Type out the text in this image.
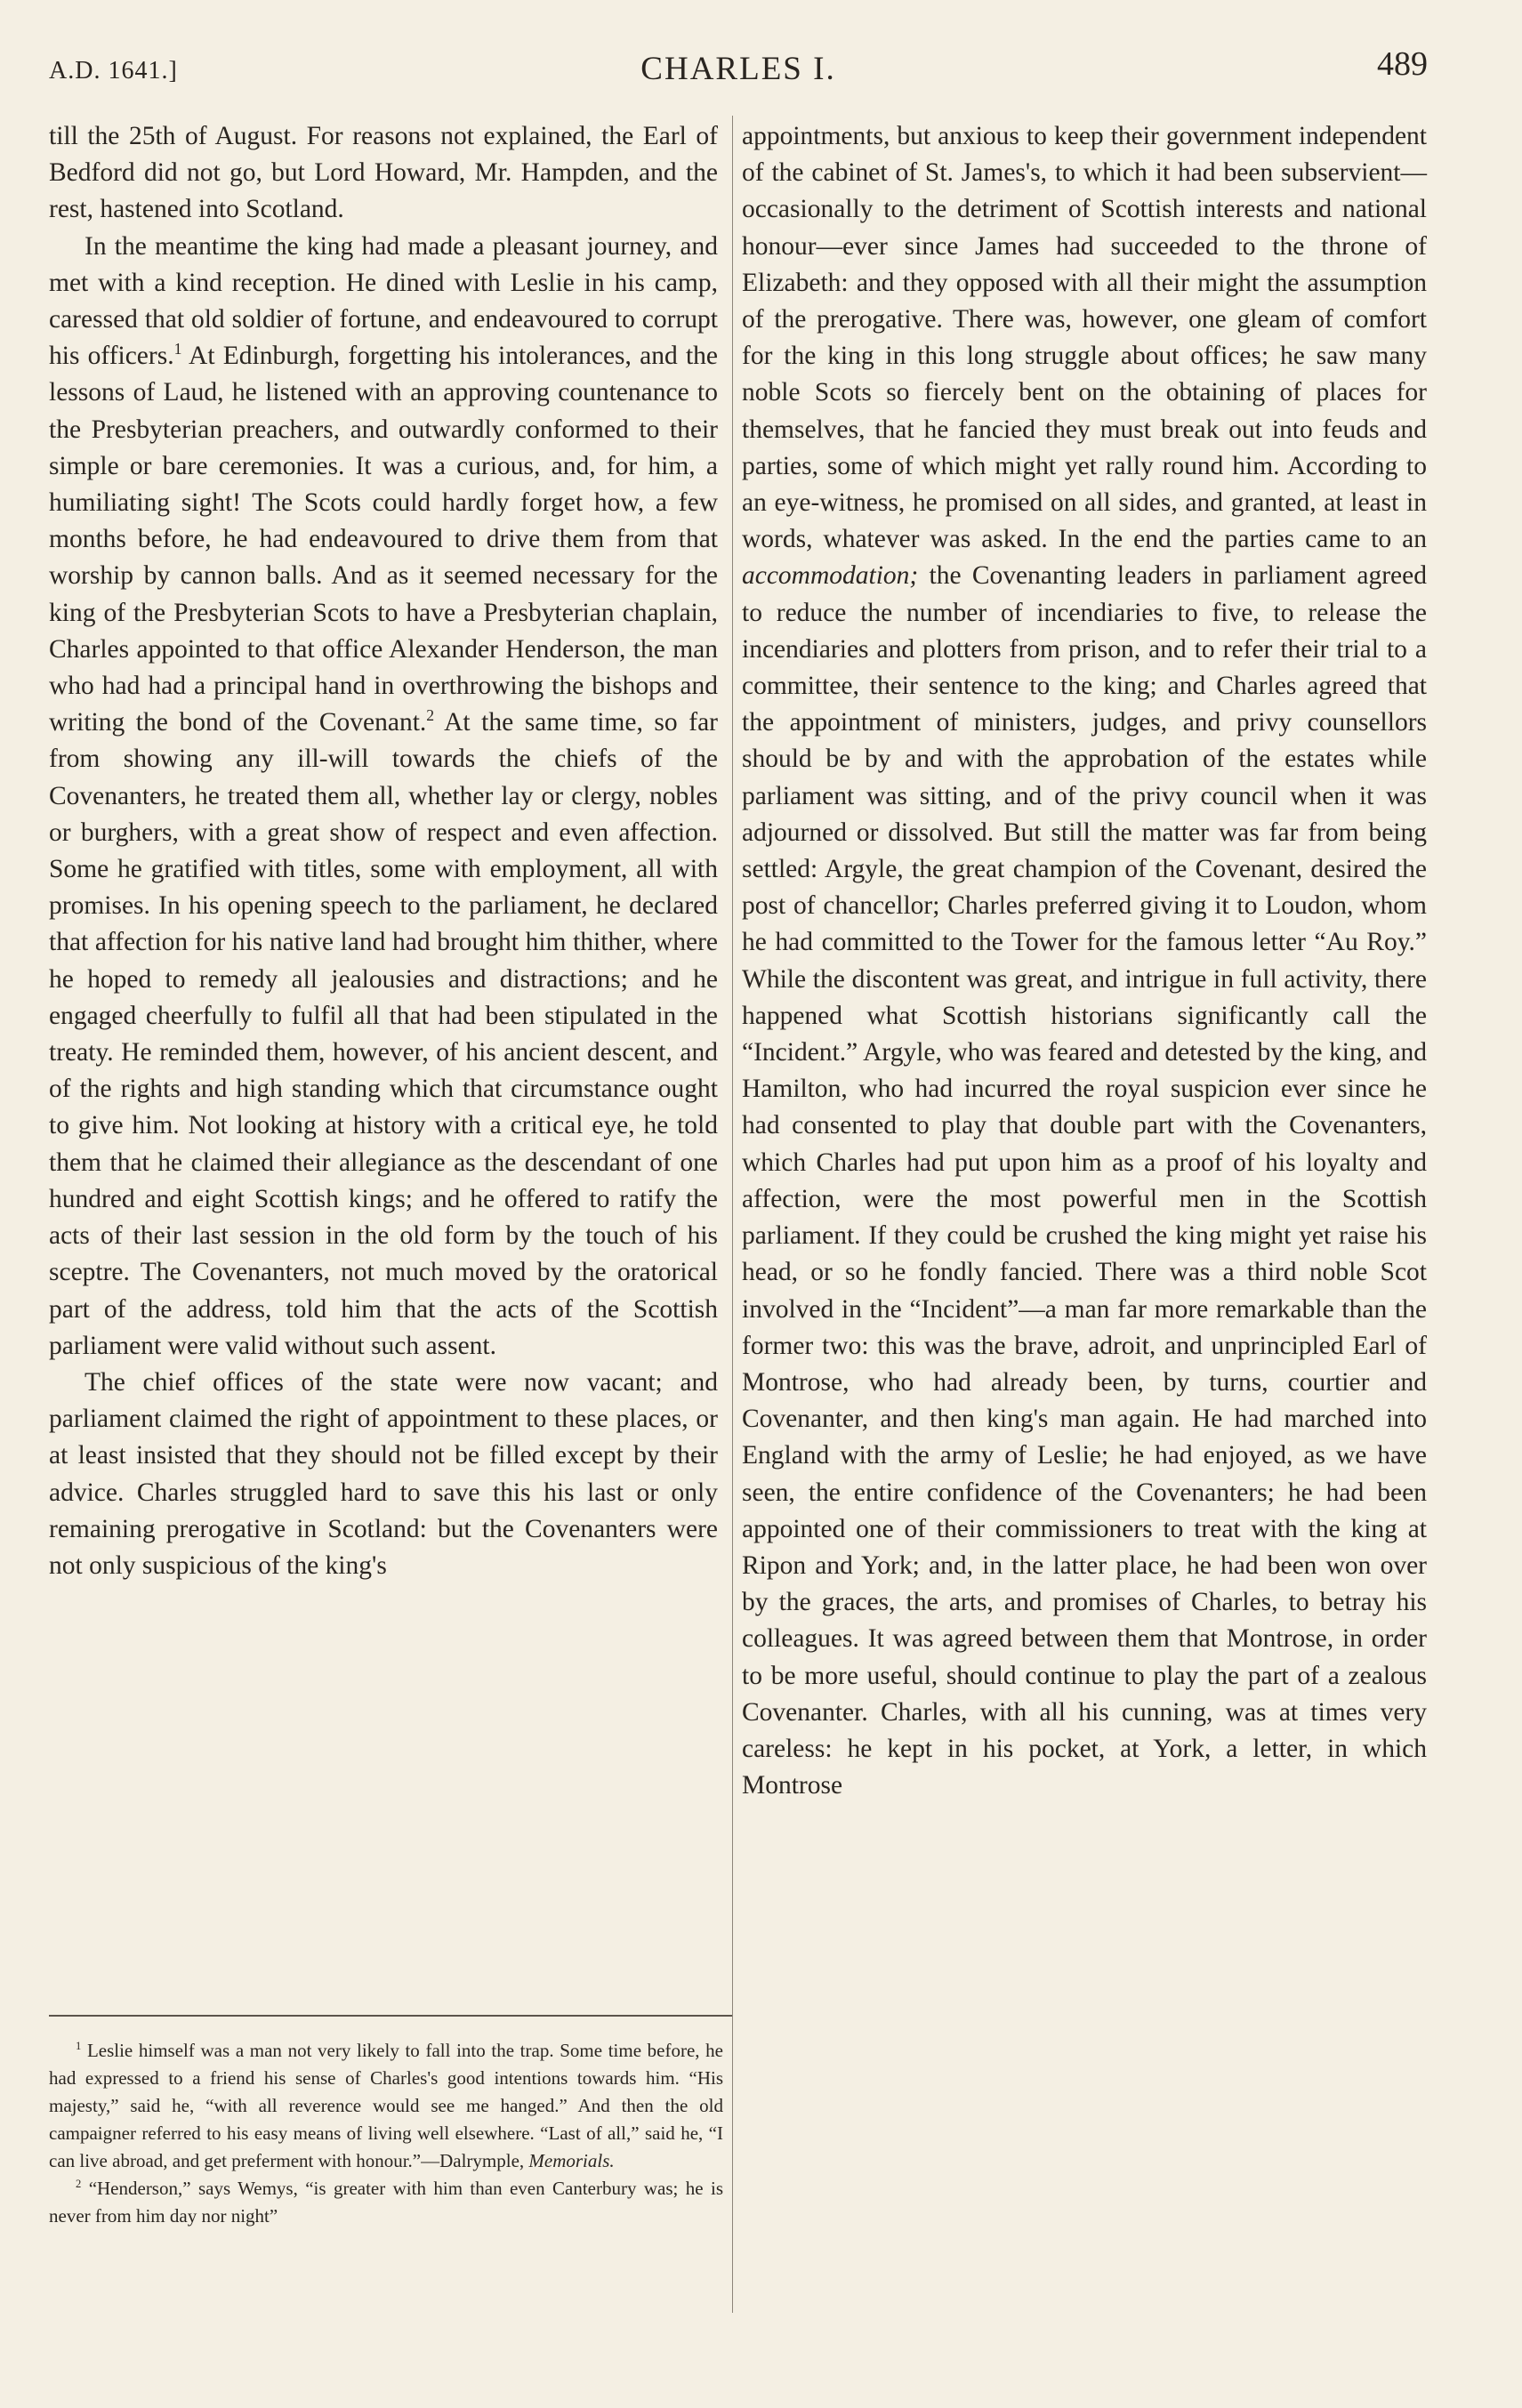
A.D. 1641.]	CHARLES I.	489

till the 25th of August. For reasons not explained, the Earl of Bedford did not go, but Lord Howard, Mr. Hampden, and the rest, hastened into Scotland.

In the meantime the king had made a pleasant journey, and met with a kind reception. He dined with Leslie in his camp, caressed that old soldier of fortune, and endeavoured to corrupt his officers.$^1$ At Edinburgh, forgetting his intolerances, and the lessons of Laud, he listened with an approving countenance to the Presbyterian preachers, and outwardly conformed to their simple or bare ceremonies. It was a curious, and, for him, a humiliating sight! The Scots could hardly forget how, a few months before, he had endeavoured to drive them from that worship by cannon balls. And as it seemed necessary for the king of the Presbyterian Scots to have a Presbyterian chaplain, Charles appointed to that office Alexander Henderson, the man who had had a principal hand in overthrowing the bishops and writing the bond of the Covenant.$^2$ At the same time, so far from showing any ill-will towards the chiefs of the Covenanters, he treated them all, whether lay or clergy, nobles or burghers, with a great show of respect and even affection. Some he gratified with titles, some with employment, all with promises. In his opening speech to the parliament, he declared that affection for his native land had brought him thither, where he hoped to remedy all jealousies and distractions; and he engaged cheerfully to fulfil all that had been stipulated in the treaty. He reminded them, however, of his ancient descent, and of the rights and high standing which that circumstance ought to give him. Not looking at history with a critical eye, he told them that he claimed their allegiance as the descendant of one hundred and eight Scottish kings; and he offered to ratify the acts of their last session in the old form by the touch of his sceptre. The Covenanters, not much moved by the oratorical part of the address, told him that the acts of the Scottish parliament were valid without such assent.

The chief offices of the state were now vacant; and parliament claimed the right of appointment to these places, or at least insisted that they should not be filled except by their advice. Charles struggled hard to save this his last or only remaining prerogative in Scotland: but the Covenanters were not only suspicious of the king's

$^1$ Leslie himself was a man not very likely to fall into the trap. Some time before, he had expressed to a friend his sense of Charles's good intentions towards him. “His majesty,” said he, “with all reverence would see me hanged.” And then the old campaigner referred to his easy means of living well elsewhere. “Last of all,” said he, “I can live abroad, and get preferment with honour.”—Dalrymple, Memorials.

$^2$ “Henderson,” says Wemys, “is greater with him than even Canterbury was; he is never from him day nor night”

appointments, but anxious to keep their government independent of the cabinet of St. James's, to which it had been subservient—occasionally to the detriment of Scottish interests and national honour—ever since James had succeeded to the throne of Elizabeth: and they opposed with all their might the assumption of the prerogative. There was, however, one gleam of comfort for the king in this long struggle about offices; he saw many noble Scots so fiercely bent on the obtaining of places for themselves, that he fancied they must break out into feuds and parties, some of which might yet rally round him. According to an eye-witness, he promised on all sides, and granted, at least in words, whatever was asked. In the end the parties came to an accommodation; the Covenanting leaders in parliament agreed to reduce the number of incendiaries to five, to release the incendiaries and plotters from prison, and to refer their trial to a committee, their sentence to the king; and Charles agreed that the appointment of ministers, judges, and privy counsellors should be by and with the approbation of the estates while parliament was sitting, and of the privy council when it was adjourned or dissolved. But still the matter was far from being settled: Argyle, the great champion of the Covenant, desired the post of chancellor; Charles preferred giving it to Loudon, whom he had committed to the Tower for the famous letter “Au Roy.” While the discontent was great, and intrigue in full activity, there happened what Scottish historians significantly call the “Incident.” Argyle, who was feared and detested by the king, and Hamilton, who had incurred the royal suspicion ever since he had consented to play that double part with the Covenanters, which Charles had put upon him as a proof of his loyalty and affection, were the most powerful men in the Scottish parliament. If they could be crushed the king might yet raise his head, or so he fondly fancied. There was a third noble Scot involved in the “Incident”—a man far more remarkable than the former two: this was the brave, adroit, and unprincipled Earl of Montrose, who had already been, by turns, courtier and Covenanter, and then king's man again. He had marched into England with the army of Leslie; he had enjoyed, as we have seen, the entire confidence of the Covenanters; he had been appointed one of their commissioners to treat with the king at Ripon and York; and, in the latter place, he had been won over by the graces, the arts, and promises of Charles, to betray his colleagues. It was agreed between them that Montrose, in order to be more useful, should continue to play the part of a zealous Covenanter. Charles, with all his cunning, was at times very careless: he kept in his pocket, at York, a letter, in which Montrose
